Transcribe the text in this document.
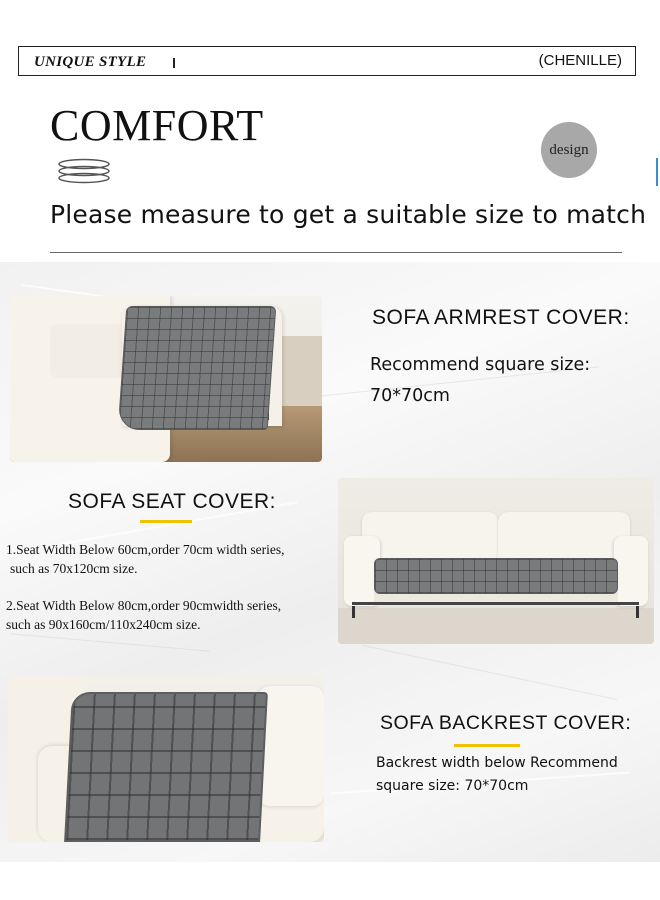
UNIQUE STYLE	(CHENILLE)
COMFORT	design
Please measure to get a suitable size to match
SOFA ARMREST COVER:
Recommend square size:
70*70cm
SOFA SEAT COVER:
1.Seat Width Below 60cm,order 70cm width series,
such as 70x120cm size.
2.Seat Width Below 80cm,order 90cmwidth series,
such as 90x160cm/110x240cm size.
SOFA BACKREST COVER:
Backrest width below Recommend
square size: 70*70cm
